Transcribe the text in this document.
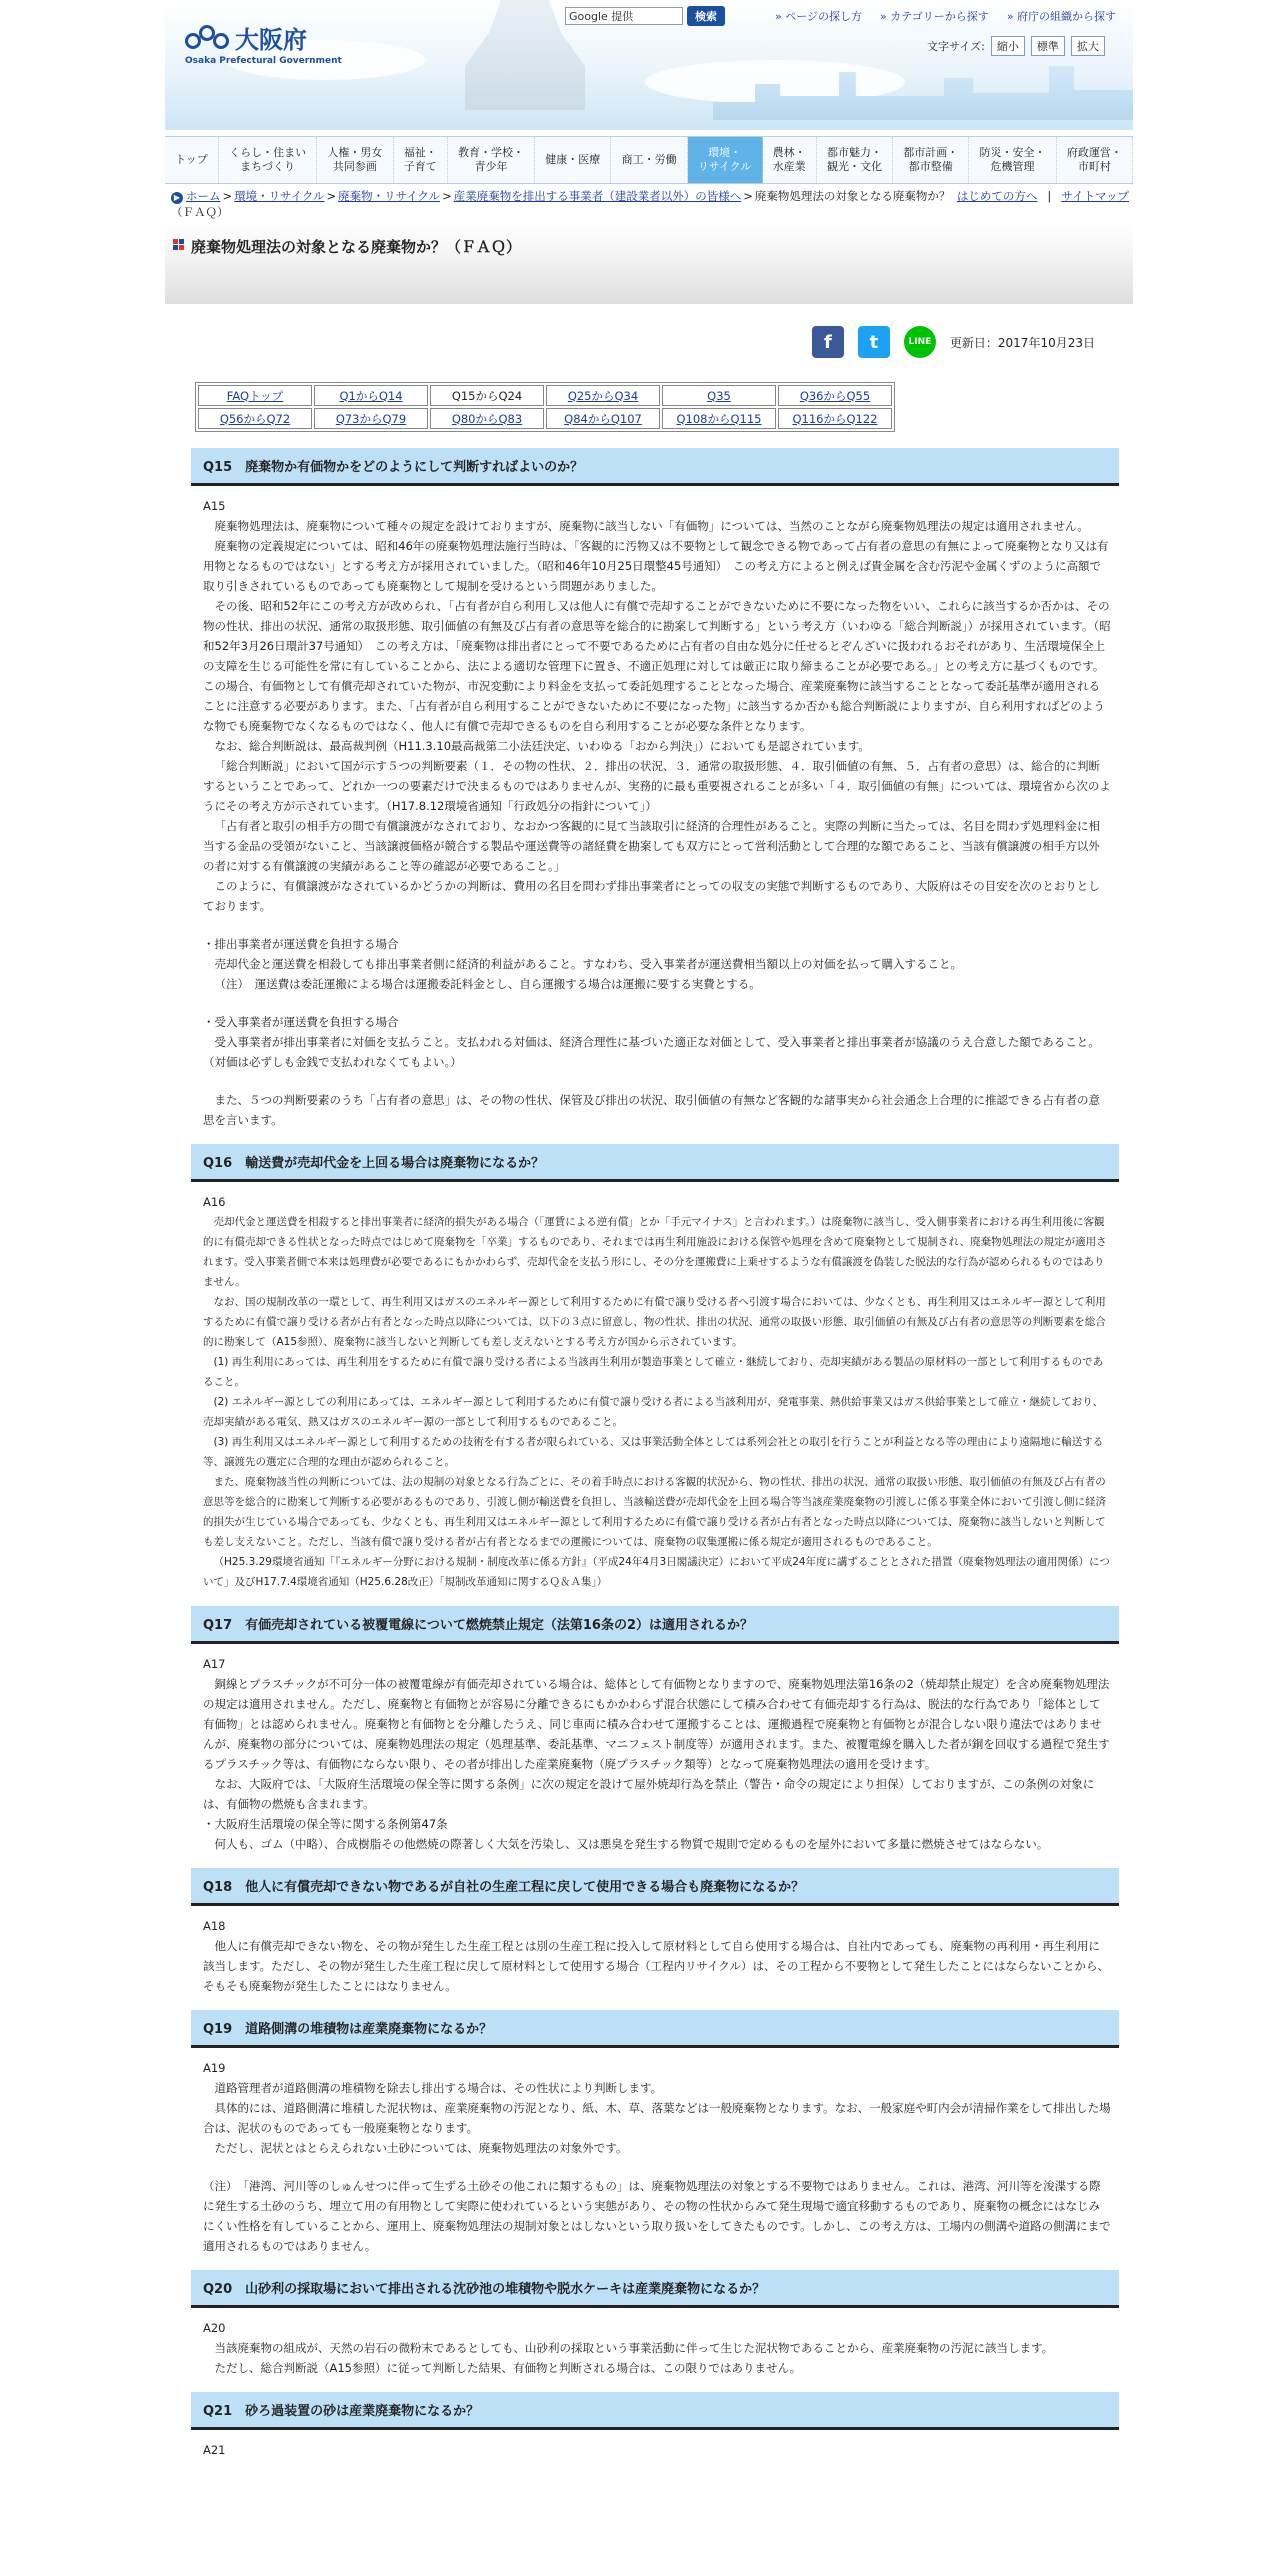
大阪府
Osaka Prefectural Government
Google 提供	検索	» ページの探し方	» カテゴリーから探す	» 府庁の組織から探す
文字サイズ:	縮小	標準	拡大
トップ
くらし・住まい
まちづくり
人権・男女
共同参画
福祉・
子育て
教育・学校・
青少年
健康・医療	商工・労働
環境・
リサイクル
農林・
水産業
都市魅力・
観光・文化
都市計画・
都市整備
防災・安全・
危機管理
府政運営・
市町村
▶ ホーム > 環境・リサイクル > 廃棄物・リサイクル > 産業廃棄物を排出する事業者（建設業者以外）の皆様へ > 廃棄物処理法の対象となる廃棄物か？（ＦＡＱ）
はじめての方へ | サイトマップ
廃棄物処理法の対象となる廃棄物か？（ＦＡＱ）
f	t	LINE	更新日：2017年10月23日
FAQトップ	Q1からQ14	Q15からQ24	Q25からQ34	Q35	Q36からQ55
Q56からQ72	Q73からQ79	Q80からQ83	Q84からQ107	Q108からQ115	Q116からQ122
Q15　廃棄物か有価物かをどのようにして判断すればよいのか？

A15

廃棄物処理法は、廃棄物について種々の規定を設けておりますが、廃棄物に該当しない「有価物」については、当然のことながら廃棄物処理法の規定は適用されません。

廃棄物の定義規定については、昭和46年の廃棄物処理法施行当時は、「客観的に汚物又は不要物として観念できる物であって占有者の意思の有無によって廃棄物となり又は有用物となるものではない」とする考え方が採用されていました。（昭和46年10月25日環整45号通知）　この考え方によると例えば貴金属を含む汚泥や金属くずのように高額で取り引きされているものであっても廃棄物として規制を受けるという問題がありました。

その後、昭和52年にこの考え方が改められ、「占有者が自ら利用し又は他人に有償で売却することができないために不要になった物をいい、これらに該当するか否かは、その物の性状、排出の状況、通常の取扱形態、取引価値の有無及び占有者の意思等を総合的に勘案して判断する」という考え方（いわゆる「総合判断説」）が採用されています。（昭和52年3月26日環計37号通知）　この考え方は、「廃棄物は排出者にとって不要であるために占有者の自由な処分に任せるとぞんざいに扱われるおそれがあり、生活環境保全上の支障を生じる可能性を常に有していることから、法による適切な管理下に置き、不適正処理に対しては厳正に取り締まることが必要である。」との考え方に基づくものです。この場合、有価物として有償売却されていた物が、市況変動により料金を支払って委託処理することとなった場合、産業廃棄物に該当することとなって委託基準が適用されることに注意する必要があります。また、「占有者が自ら利用することができないために不要になった物」に該当するか否かも総合判断説によりますが、自ら利用すればどのような物でも廃棄物でなくなるものではなく、他人に有償で売却できるものを自ら利用することが必要な条件となります。

なお、総合判断説は、最高裁判例（H11.3.10最高裁第二小法廷決定、いわゆる「おから判決」）においても是認されています。

「総合判断説」において国が示す５つの判断要素（１．その物の性状、２．排出の状況、３．通常の取扱形態、４．取引価値の有無、５．占有者の意思）は、総合的に判断するということであって、どれか一つの要素だけで決まるものではありませんが、実務的に最も重要視されることが多い「４．取引価値の有無」については、環境省から次のようにその考え方が示されています。（H17.8.12環境省通知「行政処分の指針について」）

「占有者と取引の相手方の間で有償譲渡がなされており、なおかつ客観的に見て当該取引に経済的合理性があること。実際の判断に当たっては、名目を問わず処理料金に相当する金品の受領がないこと、当該譲渡価格が競合する製品や運送費等の諸経費を勘案しても双方にとって営利活動として合理的な額であること、当該有償譲渡の相手方以外の者に対する有償譲渡の実績があること等の確認が必要であること。」

このように、有償譲渡がなされているかどうかの判断は、費用の名目を問わず排出事業者にとっての収支の実態で判断するものであり、大阪府はその目安を次のとおりとしております。

・排出事業者が運送費を負担する場合

売却代金と運送費を相殺しても排出事業者側に経済的利益があること。すなわち、受入事業者が運送費相当額以上の対価を払って購入すること。

（注）　運送費は委託運搬による場合は運搬委託料金とし、自ら運搬する場合は運搬に要する実費とする。

・受入事業者が運送費を負担する場合

受入事業者が排出事業者に対価を支払うこと。支払われる対価は、経済合理性に基づいた適正な対価として、受入事業者と排出事業者が協議のうえ合意した額であること。（対価は必ずしも金銭で支払われなくてもよい。）

また、５つの判断要素のうち「占有者の意思」は、その物の性状、保管及び排出の状況、取引価値の有無など客観的な諸事実から社会通念上合理的に推認できる占有者の意思を言います。

Q16　輸送費が売却代金を上回る場合は廃棄物になるか？

A16

売却代金と運送費を相殺すると排出事業者に経済的損失がある場合（「運賃による逆有償」とか「手元マイナス」と言われます。）は廃棄物に該当し、受入側事業者における再生利用後に客観的に有償売却できる性状となった時点ではじめて廃棄物を「卒業」するものであり、それまでは再生利用施設における保管や処理を含めて廃棄物として規制され、廃棄物処理法の規定が適用されます。受入事業者側で本来は処理費が必要であるにもかかわらず、売却代金を支払う形にし、その分を運搬費に上乗せするような有償譲渡を偽装した脱法的な行為が認められるものではありません。

なお、国の規制改革の一環として、再生利用又はガスのエネルギー源として利用するために有償で譲り受ける者へ引渡す場合においては、少なくとも、再生利用又はエネルギー源として利用するために有償で譲り受ける者が占有者となった時点以降については、以下の３点に留意し、物の性状、排出の状況、通常の取扱い形態、取引価値の有無及び占有者の意思等の判断要素を総合的に勘案して（A15参照）、廃棄物に該当しないと判断しても差し支えないとする考え方が国から示されています。

(1) 再生利用にあっては、再生利用をするために有償で譲り受ける者による当該再生利用が製造事業として確立・継続しており、売却実績がある製品の原材料の一部として利用するものであること。

(2) エネルギー源としての利用にあっては、エネルギー源として利用するために有償で譲り受ける者による当該利用が、発電事業、熱供給事業又はガス供給事業として確立・継続しており、売却実績がある電気、熱又はガスのエネルギー源の一部として利用するものであること。

(3) 再生利用又はエネルギー源として利用するための技術を有する者が限られている、又は事業活動全体としては系列会社との取引を行うことが利益となる等の理由により遠隔地に輸送する等、譲渡先の選定に合理的な理由が認められること。

また、廃棄物該当性の判断については、法の規制の対象となる行為ごとに、その着手時点における客観的状況から、物の性状、排出の状況、通常の取扱い形態、取引価値の有無及び占有者の意思等を総合的に勘案して判断する必要があるものであり、引渡し側が輸送費を負担し、当該輸送費が売却代金を上回る場合等当該産業廃棄物の引渡しに係る事業全体において引渡し側に経済的損失が生じている場合であっても、少なくとも、再生利用又はエネルギー源として利用するために有償で譲り受ける者が占有者となった時点以降については、廃棄物に該当しないと判断しても差し支えないこと。ただし、当該有償で譲り受ける者が占有者となるまでの運搬については、廃棄物の収集運搬に係る規定が適用されるものであること。

（H25.3.29環境省通知「『エネルギー分野における規制・制度改革に係る方針』（平成24年4月3日閣議決定）において平成24年度に講ずることとされた措置（廃棄物処理法の適用関係）について」及びH17.7.4環境省通知（H25.6.28改正）「規制改革通知に関するＱ＆Ａ集」）

Q17　有価売却されている被覆電線について燃焼禁止規定（法第16条の2）は適用されるか？

A17

銅線とプラスチックが不可分一体の被覆電線が有価売却されている場合は、総体として有価物となりますので、廃棄物処理法第16条の2（焼却禁止規定）を含め廃棄物処理法の規定は適用されません。ただし、廃棄物と有価物とが容易に分離できるにもかかわらず混合状態にして積み合わせて有価売却する行為は、脱法的な行為であり「総体として有価物」とは認められません。廃棄物と有価物とを分離したうえ、同じ車両に積み合わせて運搬することは、運搬過程で廃棄物と有価物とが混合しない限り違法ではありませんが、廃棄物の部分については、廃棄物処理法の規定（処理基準、委託基準、マニフェスト制度等）が適用されます。また、被覆電線を購入した者が銅を回収する過程で発生するプラスチック等は、有価物にならない限り、その者が排出した産業廃棄物（廃プラスチック類等）となって廃棄物処理法の適用を受けます。

なお、大阪府では、「大阪府生活環境の保全等に関する条例」に次の規定を設けて屋外焼却行為を禁止（警告・命令の規定により担保）しておりますが、この条例の対象には、有価物の燃焼も含まれます。

・大阪府生活環境の保全等に関する条例第47条

何人も、ゴム（中略）、合成樹脂その他燃焼の際著しく大気を汚染し、又は悪臭を発生する物質で規則で定めるものを屋外において多量に燃焼させてはならない。

Q18　他人に有償売却できない物であるが自社の生産工程に戻して使用できる場合も廃棄物になるか？

A18

他人に有償売却できない物を、その物が発生した生産工程とは別の生産工程に投入して原材料として自ら使用する場合は、自社内であっても、廃棄物の再利用・再生利用に該当します。ただし、その物が発生した生産工程に戻して原材料として使用する場合（工程内リサイクル）は、その工程から不要物として発生したことにはならないことから、そもそも廃棄物が発生したことにはなりません。

Q19　道路側溝の堆積物は産業廃棄物になるか？

A19

道路管理者が道路側溝の堆積物を除去し排出する場合は、その性状により判断します。

具体的には、道路側溝に堆積した泥状物は、産業廃棄物の汚泥となり、紙、木、草、落葉などは一般廃棄物となります。なお、一般家庭や町内会が清掃作業をして排出した場合は、泥状のものであっても一般廃棄物となります。

ただし、泥状とはとらえられない土砂については、廃棄物処理法の対象外です。

（注）　「港湾、河川等のしゅんせつに伴って生ずる土砂その他これに類するもの」は、廃棄物処理法の対象とする不要物ではありません。これは、港湾、河川等を浚渫する際に発生する土砂のうち、埋立て用の有用物として実際に使われているという実態があり、その物の性状からみて発生現場で適宜移動するものであり、廃棄物の概念にはなじみにくい性格を有していることから、運用上、廃棄物処理法の規制対象とはしないという取り扱いをしてきたものです。しかし、この考え方は、工場内の側溝や道路の側溝にまで適用されるものではありません。

Q20　山砂利の採取場において排出される沈砂池の堆積物や脱水ケーキは産業廃棄物になるか？

A20

当該廃棄物の組成が、天然の岩石の微粉末であるとしても、山砂利の採取という事業活動に伴って生じた泥状物であることから、産業廃棄物の汚泥に該当します。

ただし、総合判断説（A15参照）に従って判断した結果、有価物と判断される場合は、この限りではありません。

Q21　砂ろ過装置の砂は産業廃棄物になるか？

A21
